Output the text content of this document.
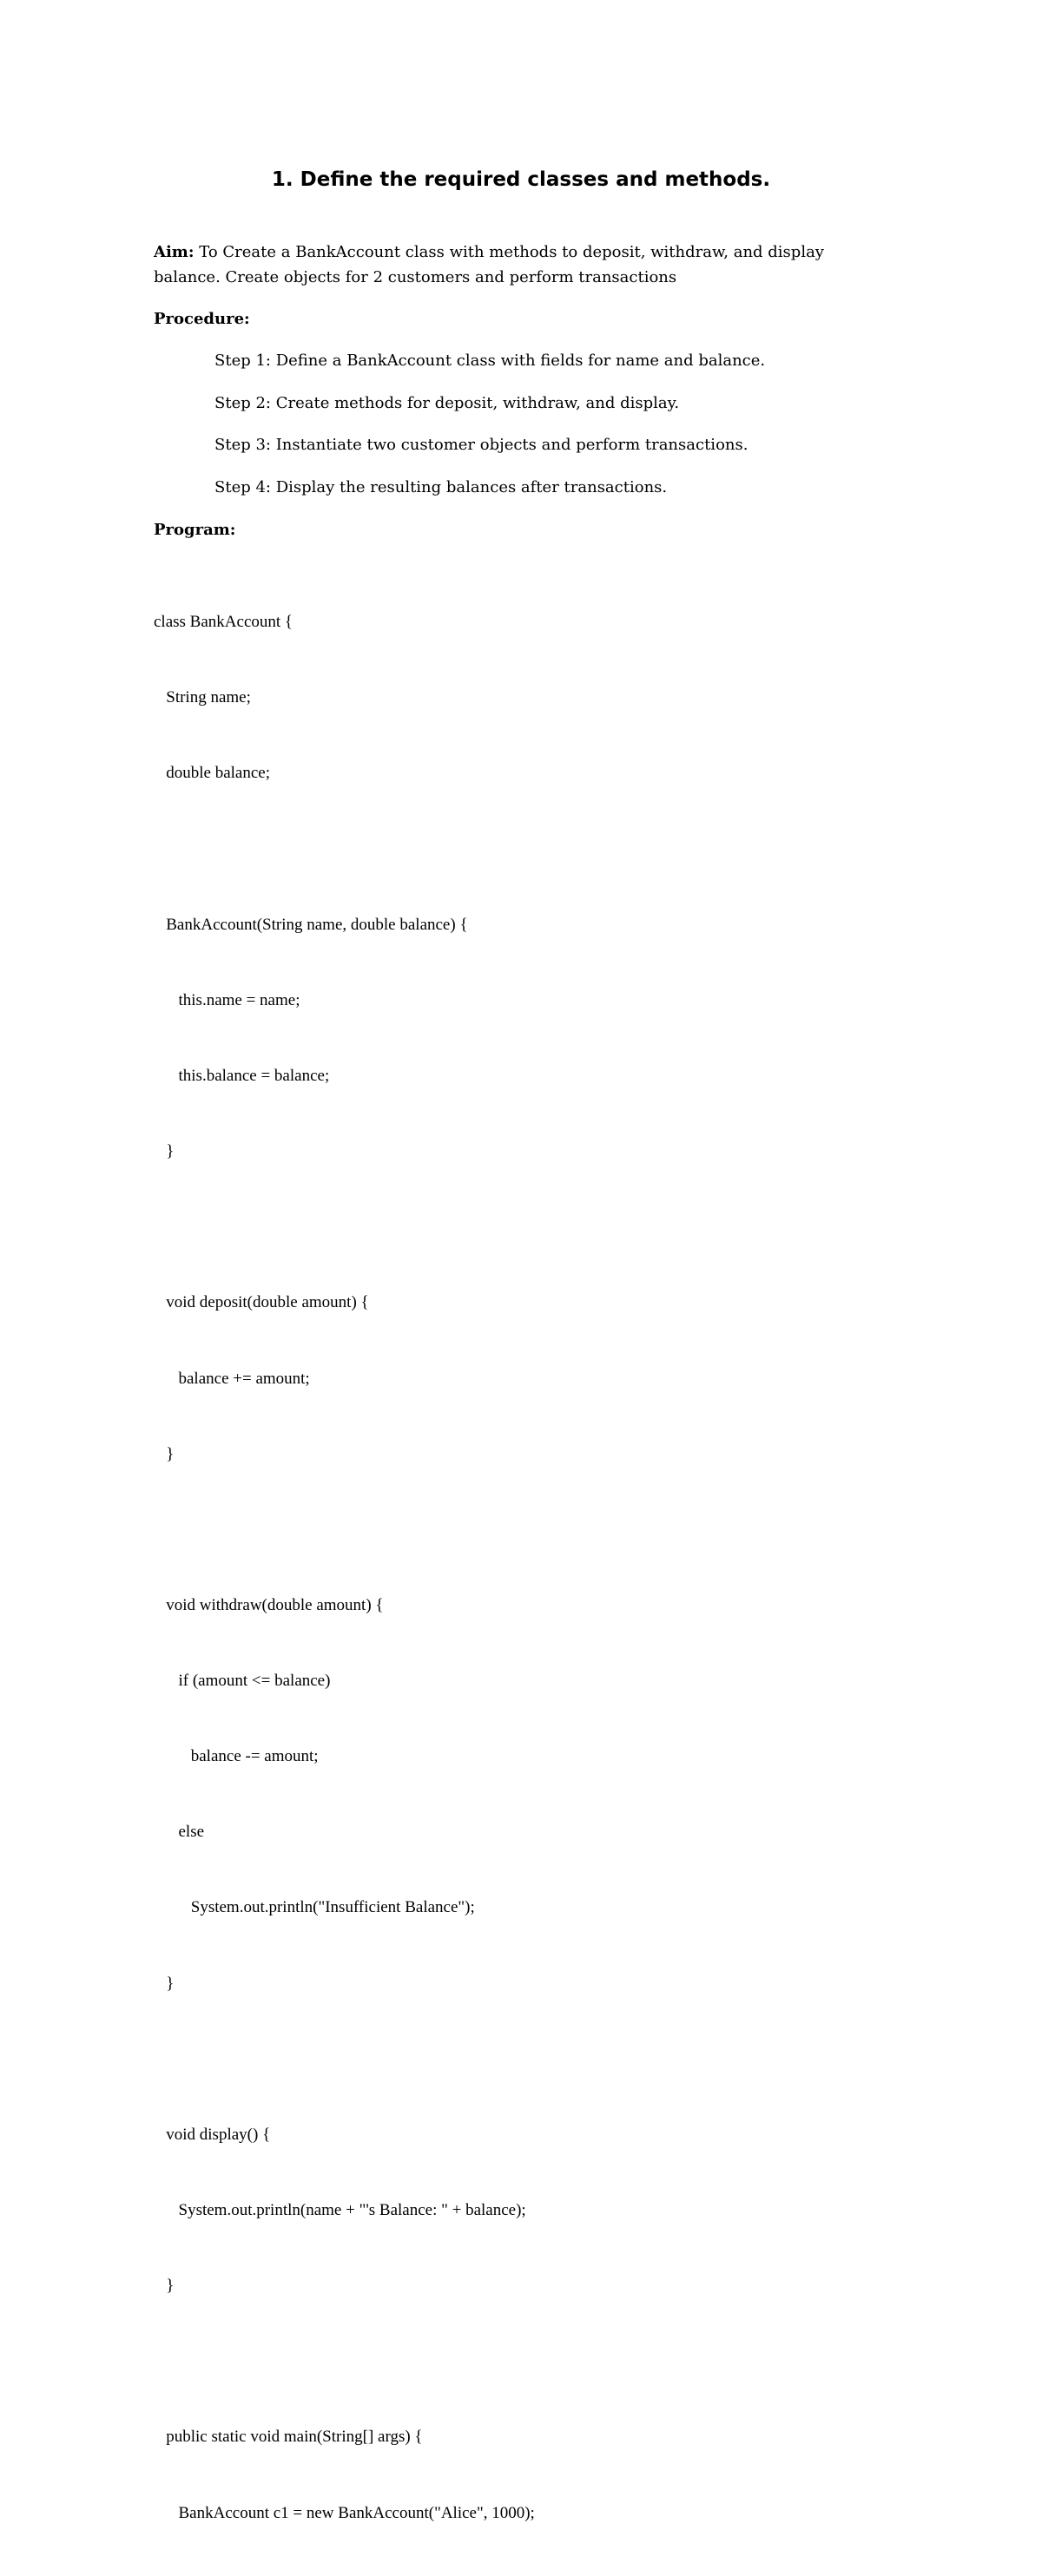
1. Define the required classes and methods.
Aim: To Create a BankAccount class with methods to deposit, withdraw, and display
balance. Create objects for 2 customers and perform transactions
Procedure:
Step 1: Define a BankAccount class with fields for name and balance.
Step 2: Create methods for deposit, withdraw, and display.
Step 3: Instantiate two customer objects and perform transactions.
Step 4: Display the resulting balances after transactions.
Program:

class BankAccount {

String name;

double balance;

BankAccount(String name, double balance) {

this.name = name;

this.balance = balance;

}

void deposit(double amount) {

balance += amount;

}

void withdraw(double amount) {

if (amount <= balance)

balance -= amount;

else

System.out.println("Insufficient Balance");

}

void display() {

System.out.println(name + "'s Balance: " + balance);

}

public static void main(String[] args) {

BankAccount c1 = new BankAccount("Alice", 1000);
